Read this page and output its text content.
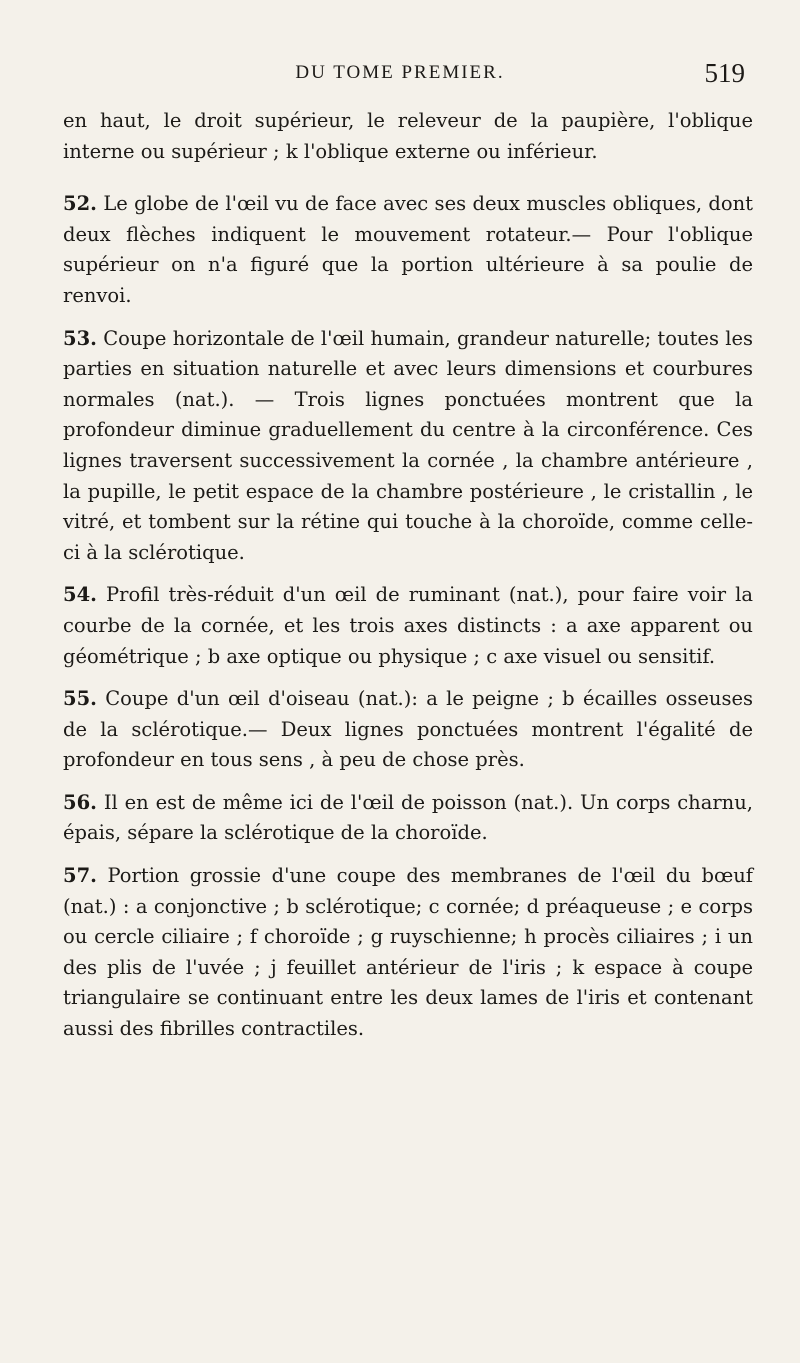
DU TOME PREMIER.	519

en haut, le droit supérieur, le releveur de la paupière, l'oblique interne ou supérieur ; k l'oblique externe ou inférieur.

52. Le globe de l'œil vu de face avec ses deux muscles obliques, dont deux flèches indiquent le mouvement rotateur.— Pour l'oblique supérieur on n'a figuré que la portion ultérieure à sa poulie de renvoi.

53. Coupe horizontale de l'œil humain, grandeur naturelle; toutes les parties en situation naturelle et avec leurs dimensions et courbures normales (nat.). — Trois lignes ponctuées montrent que la profondeur diminue graduellement du centre à la circonférence. Ces lignes traversent successivement la cornée , la chambre antérieure , la pupille, le petit espace de la chambre postérieure , le cristallin , le vitré, et tombent sur la rétine qui touche à la choroïde, comme celle-ci à la sclérotique.

54. Profil très-réduit d'un œil de ruminant (nat.), pour faire voir la courbe de la cornée, et les trois axes distincts : a axe apparent ou géométrique ; b axe optique ou physique ; c axe visuel ou sensitif.

55. Coupe d'un œil d'oiseau (nat.): a le peigne ; b écailles osseuses de la sclérotique.— Deux lignes ponctuées montrent l'égalité de profondeur en tous sens , à peu de chose près.

56. Il en est de même ici de l'œil de poisson (nat.). Un corps charnu, épais, sépare la sclérotique de la choroïde.

57. Portion grossie d'une coupe des membranes de l'œil du bœuf (nat.) : a conjonctive ; b sclérotique; c cornée; d préaqueuse ; e corps ou cercle ciliaire ; f choroïde ; g ruyschienne; h procès ciliaires ; i un des plis de l'uvée ; j feuillet antérieur de l'iris ; k espace à coupe triangulaire se continuant entre les deux lames de l'iris et contenant aussi des fibrilles contractiles.
